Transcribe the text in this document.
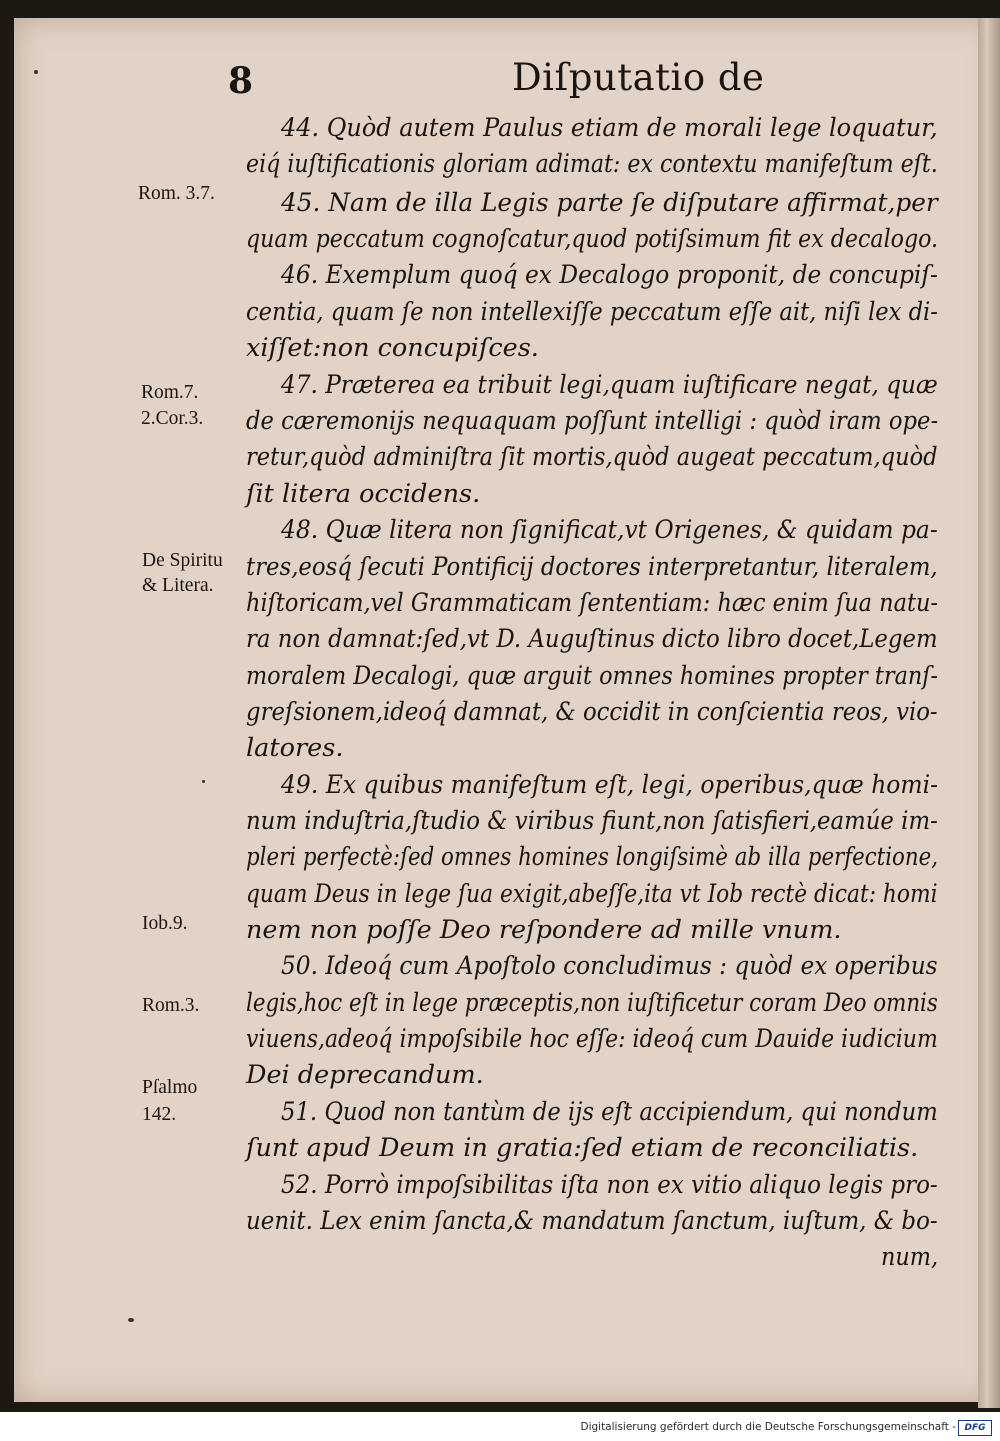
8	Diſputatio de
44. Quòd autem Paulus etiam de morali lege loquatur,
eiq́ iuſtificationis gloriam adimat: ex contextu manifeſtum eſt.
45. Nam de illa Legis parte ſe diſputare affirmat,per
quam peccatum cognoſcatur,quod potiſsimum fit ex decalogo.
46. Exemplum quoq́ ex Decalogo proponit, de concupiſ-
centia, quam ſe non intellexiſſe peccatum eſſe ait, niſi lex di-
xiſſet:non concupiſces.
47. Præterea ea tribuit legi,quam iuſtificare negat, quæ
de cæremonijs nequaquam poſſunt intelligi : quòd iram ope-
retur,quòd adminiſtra ſit mortis,quòd augeat peccatum,quòd
ſit litera occidens.
48. Quæ litera non ſignificat,vt Origenes, & quidam pa-
tres,eosq́ ſecuti Pontificij doctores interpretantur, literalem,
hiſtoricam,vel Grammaticam ſententiam: hæc enim ſua natu-
ra non damnat:ſed,vt D. Auguſtinus dicto libro docet,Legem
moralem Decalogi, quæ arguit omnes homines propter tranſ-
greſsionem,ideoq́ damnat, & occidit in conſcientia reos, vio-
latores.
49. Ex quibus manifeſtum eſt, legi, operibus,quæ homi-
num induſtria,ſtudio & viribus fiunt,non ſatisfieri,eamúe im-
pleri perfectè:ſed omnes homines longiſsimè ab illa perfectione,
quam Deus in lege ſua exigit,abeſſe,ita vt Iob rectè dicat: homi
nem non poſſe Deo reſpondere ad mille vnum.
50. Ideoq́ cum Apoſtolo concludimus : quòd ex operibus
legis,hoc eſt in lege præceptis,non iuſtificetur coram Deo omnis
viuens,adeoq́ impoſsibile hoc eſſe: ideoq́ cum Dauide iudicium
Dei deprecandum.
51. Quod non tantùm de ijs eſt accipiendum, qui nondum
ſunt apud Deum in gratia:ſed etiam de reconciliatis.
52. Porrò impoſsibilitas iſta non ex vitio aliquo legis pro-
uenit. Lex enim ſancta,& mandatum ſanctum, iuſtum, & bo-
num,
Rom. 3.7.
Rom.7.
2.Cor.3.
De Spiritu
& Litera.
Iob.9.
Rom.3.
Pſalmo
142.
Digitalisierung gefördert durch die Deutsche Forschungsgemeinschaft - DFG
